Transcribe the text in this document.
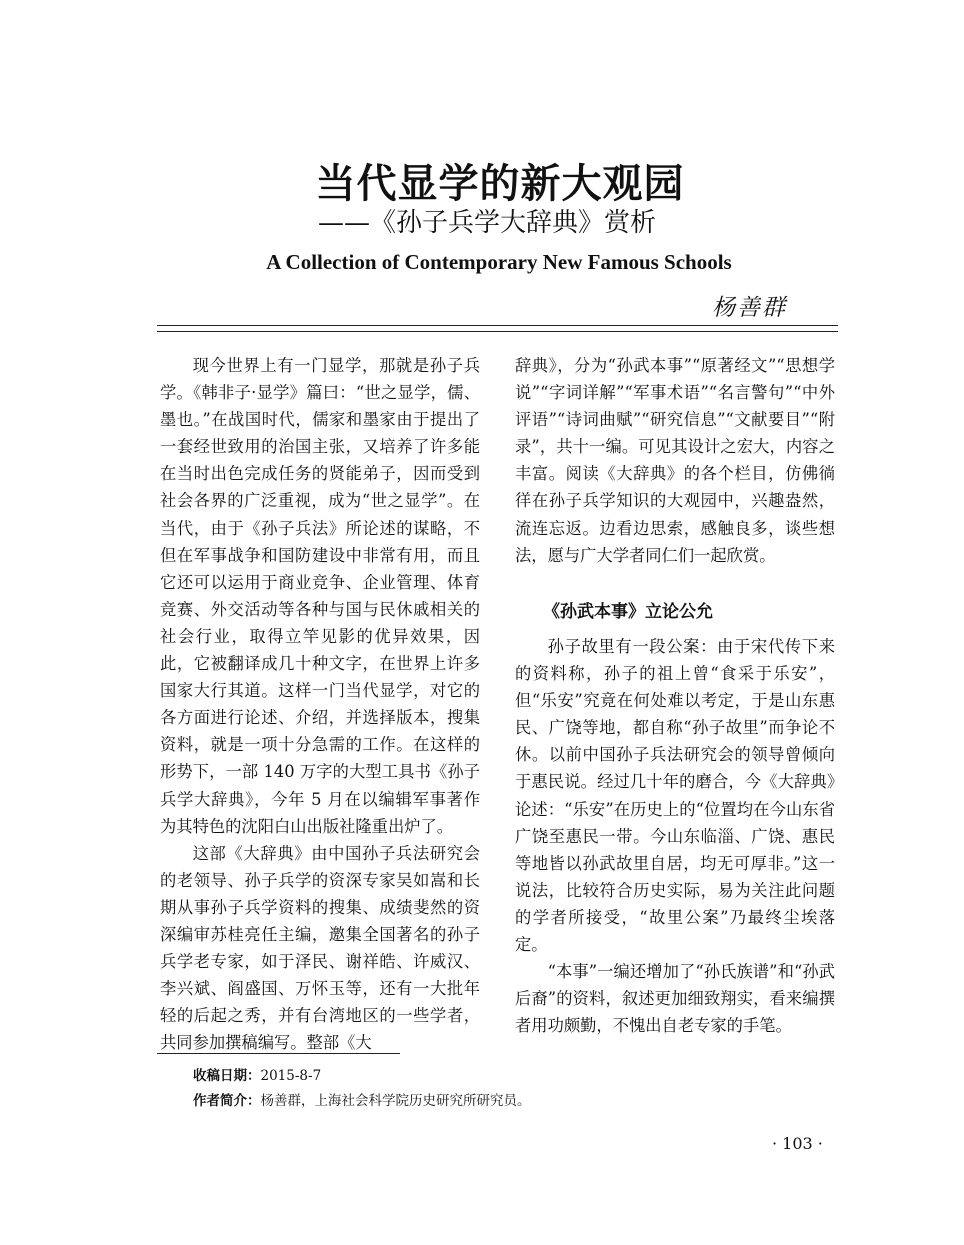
当代显学的新大观园
——《孙子兵学大辞典》赏析
A Collection of Contemporary New Famous Schools
杨善群

现今世界上有一门显学，那就是孙子兵学。《韩非子·显学》篇曰：“世之显学，儒、墨也。”在战国时代，儒家和墨家由于提出了一套经世致用的治国主张，又培养了许多能在当时出色完成任务的贤能弟子，因而受到社会各界的广泛重视，成为“世之显学”。在当代，由于《孙子兵法》所论述的谋略，不但在军事战争和国防建设中非常有用，而且它还可以运用于商业竞争、企业管理、体育竞赛、外交活动等各种与国与民休戚相关的社会行业，取得立竿见影的优异效果，因此，它被翻译成几十种文字，在世界上许多国家大行其道。这样一门当代显学，对它的各方面进行论述、介绍，并选择版本，搜集资料，就是一项十分急需的工作。在这样的形势下，一部 140 万字的大型工具书《孙子兵学大辞典》，今年 5 月在以编辑军事著作为其特色的沈阳白山出版社隆重出炉了。

这部《大辞典》由中国孙子兵法研究会的老领导、孙子兵学的资深专家吴如嵩和长期从事孙子兵学资料的搜集、成绩斐然的资深编审苏桂亮任主编，邀集全国著名的孙子兵学老专家，如于泽民、谢祥皓、许威汉、李兴斌、阎盛国、万怀玉等，还有一大批年轻的后起之秀，并有台湾地区的一些学者，共同参加撰稿编写。整部《大

辞典》，分为“孙武本事”“原著经文”“思想学说”“字词详解”“军事术语”“名言警句”“中外评语”“诗词曲赋”“研究信息”“文献要目”“附录”，共十一编。可见其设计之宏大，内容之丰富。阅读《大辞典》的各个栏目，仿佛徜徉在孙子兵学知识的大观园中，兴趣盎然，流连忘返。边看边思索，感触良多，谈些想法，愿与广大学者同仁们一起欣赏。

《孙武本事》立论公允

孙子故里有一段公案：由于宋代传下来的资料称，孙子的祖上曾“食采于乐安”，但“乐安”究竟在何处难以考定，于是山东惠民、广饶等地，都自称“孙子故里”而争论不休。以前中国孙子兵法研究会的领导曾倾向于惠民说。经过几十年的磨合，今《大辞典》论述：“乐安”在历史上的“位置均在今山东省广饶至惠民一带。今山东临淄、广饶、惠民等地皆以孙武故里自居，均无可厚非。”这一说法，比较符合历史实际，易为关注此问题的学者所接受，“故里公案”乃最终尘埃落定。

“本事”一编还增加了“孙氏族谱”和“孙武后裔”的资料，叙述更加细致翔实，看来编撰者用功颇勤，不愧出自老专家的手笔。

收稿日期：2015-8-7
作者简介：杨善群，上海社会科学院历史研究所研究员。
· 103 ·
